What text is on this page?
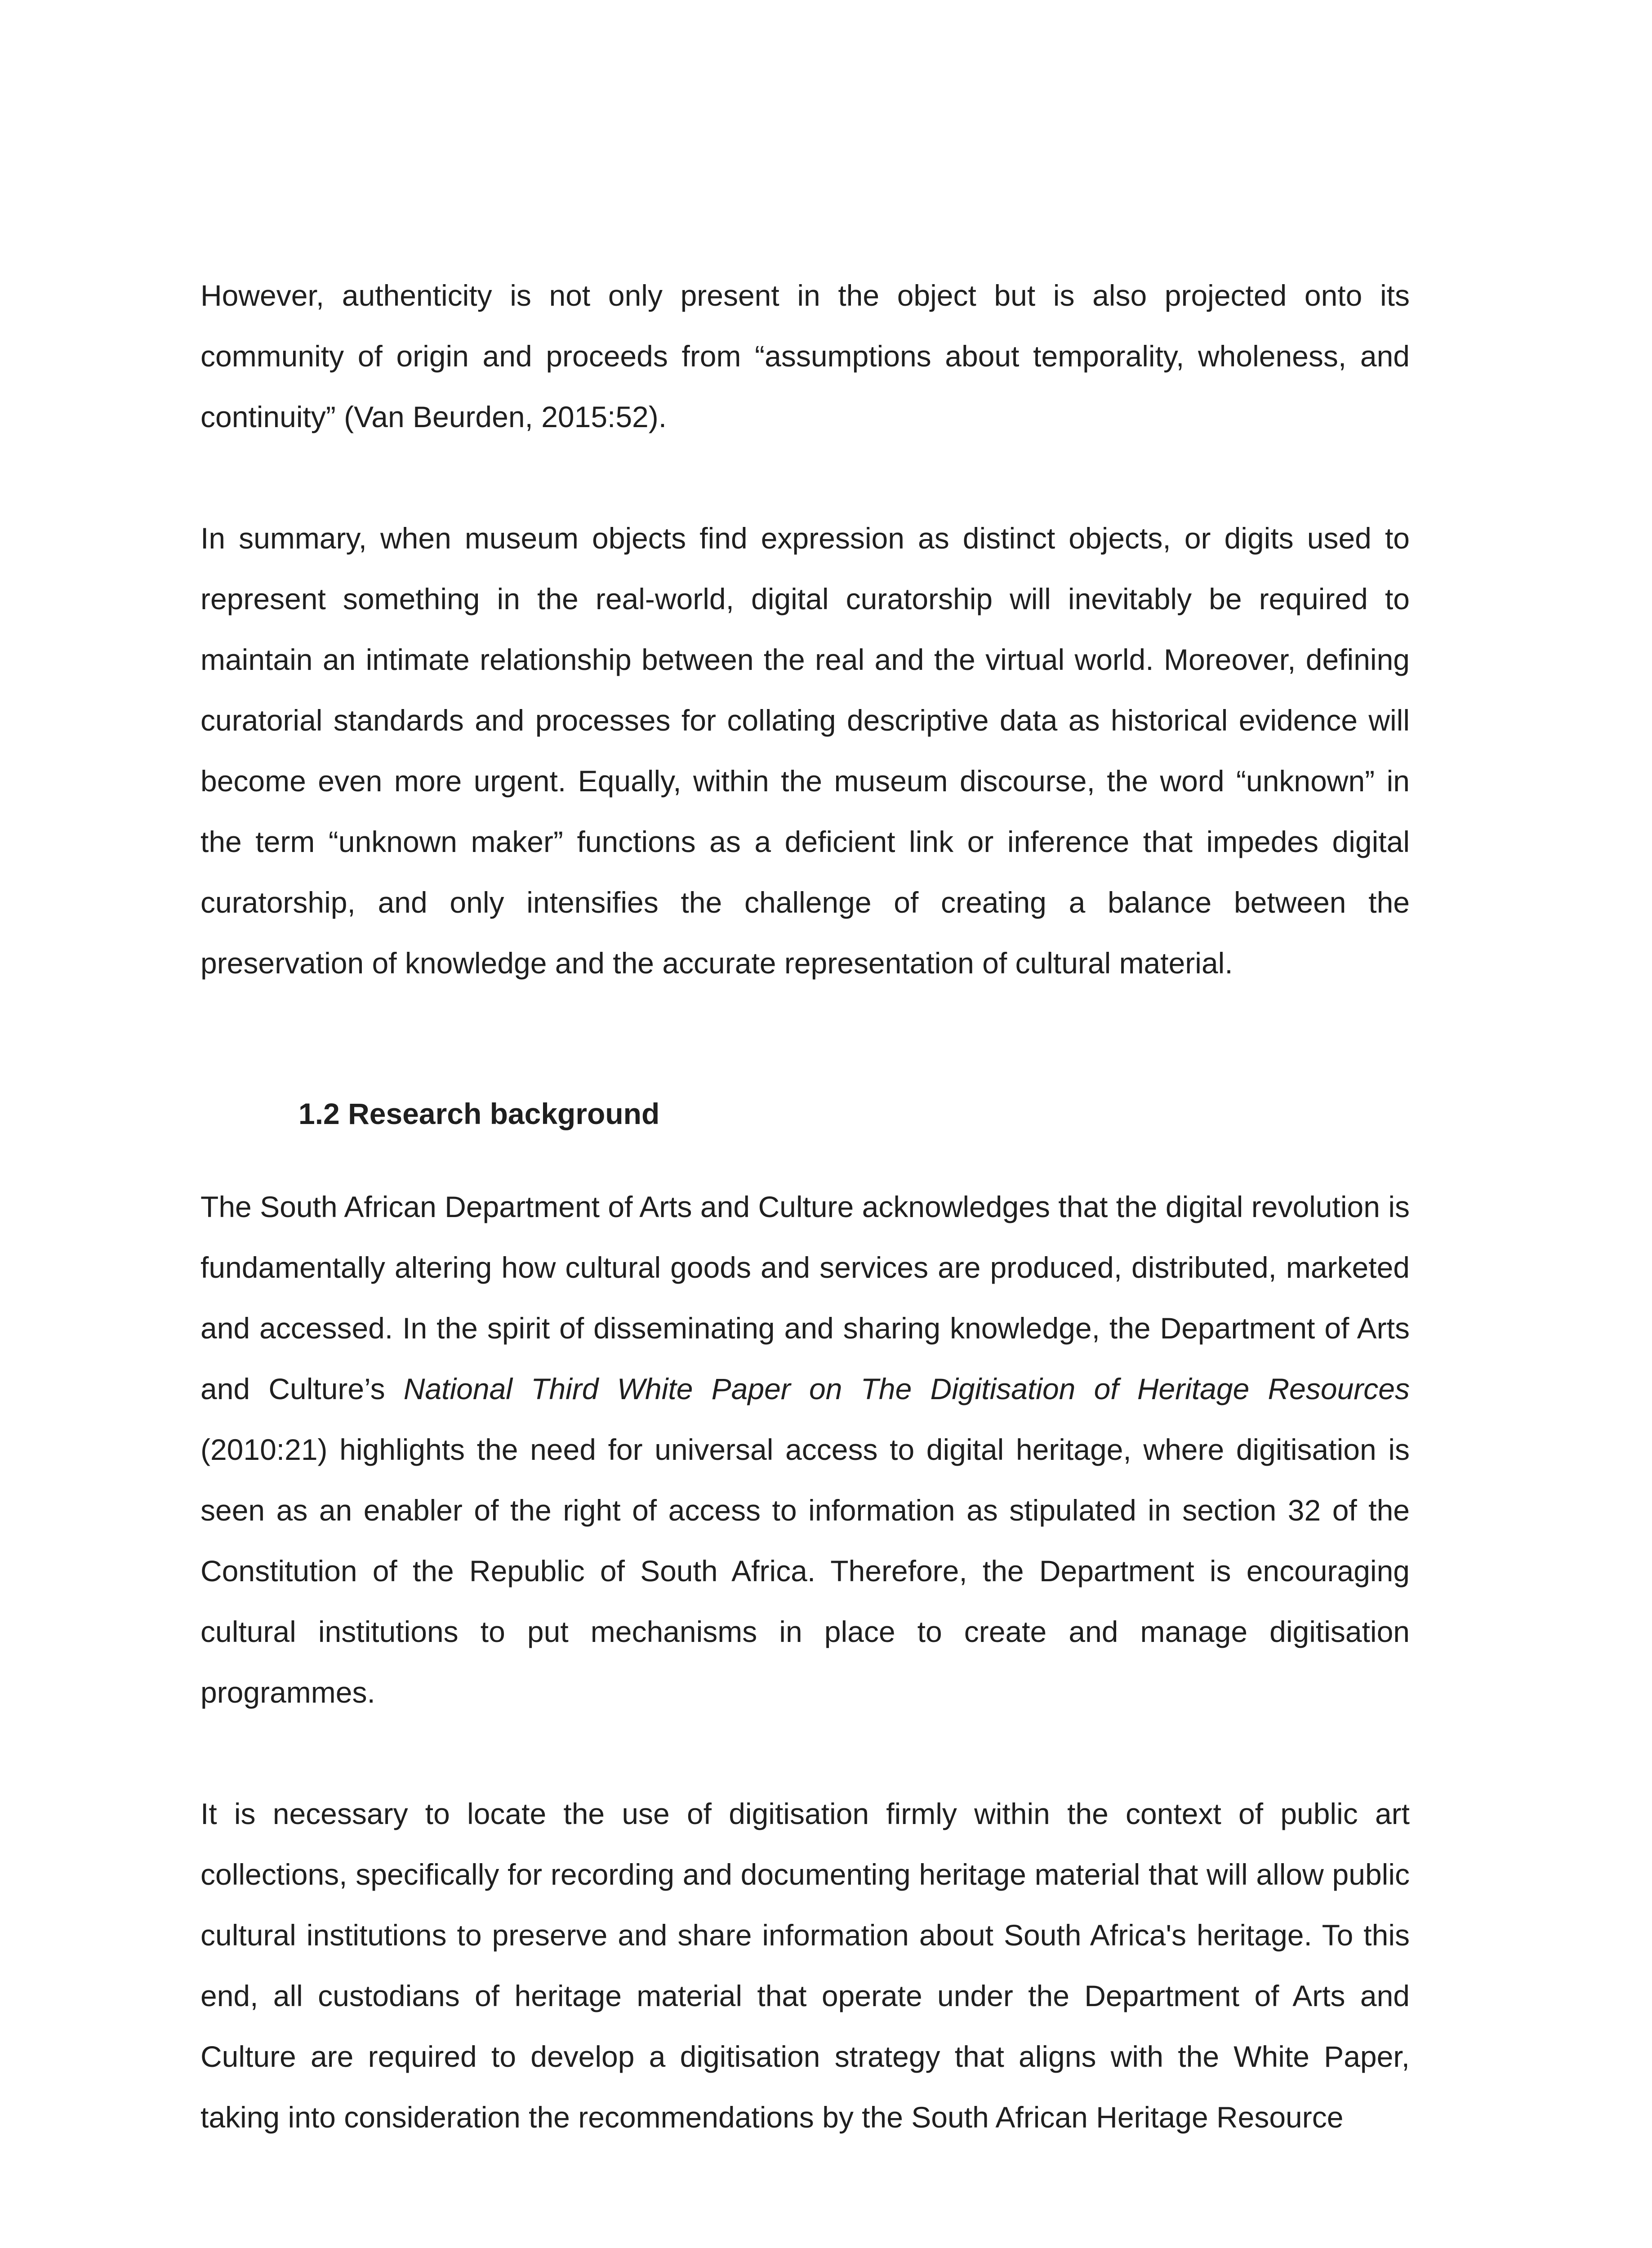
However, authenticity is not only present in the object but is also projected onto its community of origin and proceeds from “assumptions about temporality, wholeness, and continuity” (Van Beurden, 2015:52).

In summary, when museum objects find expression as distinct objects, or digits used to represent something in the real-world, digital curatorship will inevitably be required to maintain an intimate relationship between the real and the virtual world. Moreover, defining curatorial standards and processes for collating descriptive data as historical evidence will become even more urgent. Equally, within the museum discourse, the word “unknown” in the term “unknown maker” functions as a deficient link or inference that impedes digital curatorship, and only intensifies the challenge of creating a balance between the preservation of knowledge and the accurate representation of cultural material.

1.2 Research background

The South African Department of Arts and Culture acknowledges that the digital revolution is fundamentally altering how cultural goods and services are produced, distributed, marketed and accessed. In the spirit of disseminating and sharing knowledge, the Department of Arts and Culture’s National Third White Paper on The Digitisation of Heritage Resources (2010:21) highlights the need for universal access to digital heritage, where digitisation is seen as an enabler of the right of access to information as stipulated in section 32 of the Constitution of the Republic of South Africa. Therefore, the Department is encouraging cultural institutions to put mechanisms in place to create and manage digitisation programmes.

It is necessary to locate the use of digitisation firmly within the context of public art collections, specifically for recording and documenting heritage material that will allow public cultural institutions to preserve and share information about South Africa's heritage. To this end, all custodians of heritage material that operate under the Department of Arts and Culture are required to develop a digitisation strategy that aligns with the White Paper, taking into consideration the recommendations by the South African Heritage Resource
